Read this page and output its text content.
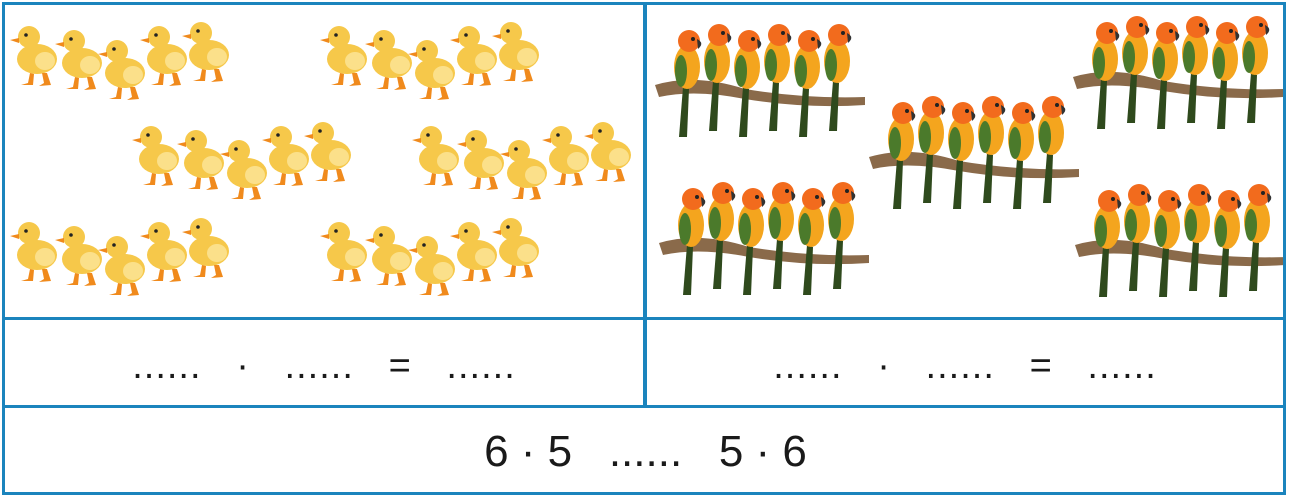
......   ·   ......   =   ......	......   ·   ......   =   ......
6 · 5   ......   5 · 6
